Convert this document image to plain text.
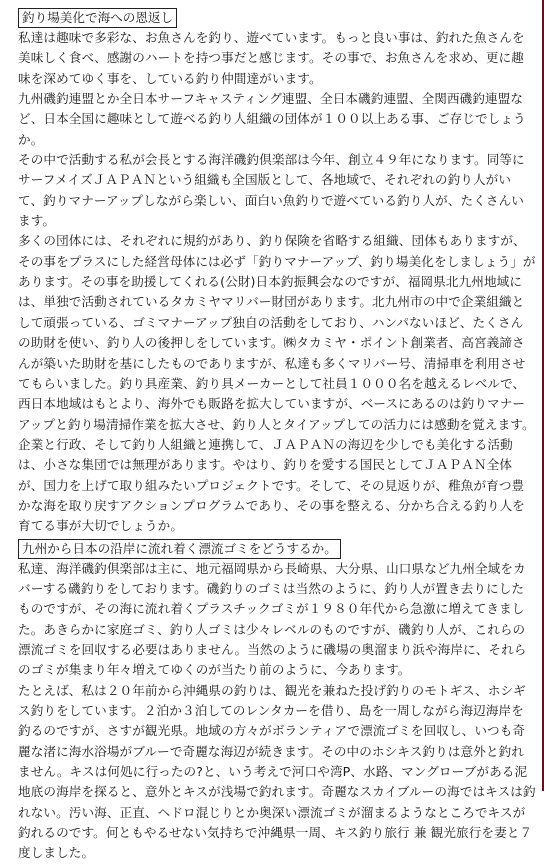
釣り場美化で海への恩返し

私達は趣味で多彩な、お魚さんを釣り、遊べています。もっと良い事は、釣れた魚さんを美味しく食べ、感謝のハートを持つ事だと感じます。その事で、お魚さんを求め、更に趣味を深めてゆく事を、している釣り仲間達がいます。

九州磯釣連盟とか全日本サーフキャスティング連盟、全日本磯釣連盟、全関西磯釣連盟など、日本全国に趣味として遊べる釣り人組織の団体が１００以上ある事、ご存じでしょうか。

その中で活動する私が会長とする海洋磯釣倶楽部は今年、創立４９年になります。同等にサーフメイズＪＡＰＡＮという組織も全国版として、各地域で、それぞれの釣り人がいて、釣りマナーアップしながら楽しい、面白い魚釣りで遊べている釣り人が、たくさんいます。

多くの団体には、それぞれに規約があり、釣り保険を省略する組織、団体もありますが、その事をプラスにした経営母体には必ず「釣りマナーアップ、釣り場美化をしましょう」があります。その事を助援してくれる(公財)日本釣振興会なのですが、福岡県北九州地域には、単独で活動されているタカミヤマリバー財団があります。北九州市の中で企業組織として頑張っている、ゴミマナーアップ独自の活動をしており、ハンパないほど、たくさんの助財を使い、釣り人の後押しをしています。㈱タカミヤ・ポイント創業者、高宮義諦さんが築いた助財を基にしたものでありますが、私達も多くマリバー号、清掃車を利用させてもらいました。釣り具産業、釣り具メーカーとして社員１０００名を越えるレベルで、西日本地域はもとより、海外でも販路を拡大していますが、ベースにあるのは釣りマナーアップと釣り場清掃作業を拡大させ、釣り人とタイアップしての活力には感動を覚えます。企業と行政、そして釣り人組織と連携して、ＪＡＰＡＮの海辺を少しでも美化する活動は、小さな集団では無理があります。やはり、釣りを愛する国民としてＪＡＰＡＮ全体が、国力を上げて取り組みたいプロジェクトです。そして、その見返りが、稚魚が育つ豊かな海を取り戻すアクションプログラムであり、その事を整える、分かち合える釣り人を育てる事が大切でしょうか。

九州から日本の沿岸に流れ着く漂流ゴミをどうするか。

私達、海洋磯釣倶楽部は主に、地元福岡県から長崎県、大分県、山口県など九州全域をカバーする磯釣りをしております。磯釣りのゴミは当然のように、釣り人が置き去りにしたものですが、その海に流れ着くプラスチックゴミが１９８０年代から急激に増えてきました。あきらかに家庭ゴミ、釣り人ゴミは少々レベルのものですが、磯釣り人が、これらの漂流ゴミを回収する必要はありません。当然のように磯場の奥溜まり浜や海岸に、それらのゴミが集まり年々増えてゆくのが当たり前のように、今あります。

たとえば、私は２０年前から沖縄県の釣りは、観光を兼ねた投げ釣りのモトギス、ホシギス釣りをしています。２泊か３泊してのレンタカーを借り、島を一周しながら海辺海岸を釣るのですが、さすが観光県。地域の方々がボランティアで漂流ゴミを回収し、いつも奇麗な渚に海水浴場がブルーで奇麗な海辺が続きます。その中のホシキス釣りは意外と釣れません。キスは何処に行ったの?と、いう考えで河口や湾P、水路、マングローブがある泥地底の海岸を探ると、意外とキスが浅場で釣れます。奇麗なスカイブルーの海ではキスは釣れない。汚い海、正直、ヘドロ混じりとか奥深い漂流ゴミが溜まるようなところでキスが釣れるのです。何ともやるせない気持ちで沖縄県一周、キス釣り旅行 兼 観光旅行を妻と７度しました。
